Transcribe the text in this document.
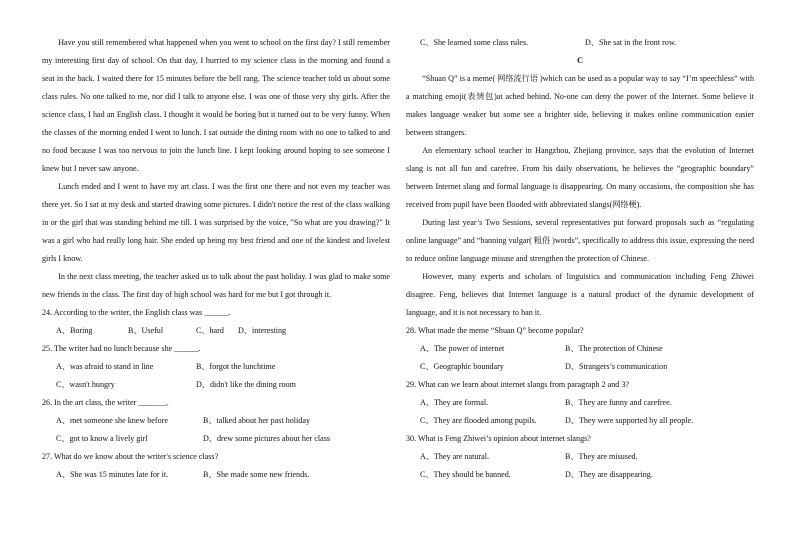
Have you still remembered what happened when you went to school on the first day? I still remember my interesting first day of school. On that day, I hurried to my science class in the morning and found a seat in the back. I waited there for 15 minutes before the bell rang. The science teacher told us about some class rules. No one talked to me, nor did I talk to anyone else. I was one of those very shy girls. After the science class, I had an English class. I thought it would be boring but it turned out to be very funny. When the classes of the morning ended I went to lunch. I sat outside the dining room with no one to talked to and no food because I was too nervous to join the lunch line. I kept looking around hoping to see someone I knew but I never saw anyone.

Lunch ended and I went to have my art class. I was the first one there and not even my teacher was there yet. So I sat at my desk and started drawing some pictures. I didn't notice the rest of the class walking in or the girl that was standing behind me till. I was surprised by the voice, "So what are you drawing?" It was a girl who had really long hair. She ended up being my best friend and one of the kindest and livelest girls I know.

In the next class meeting, the teacher asked us to talk about the past holiday. I was glad to make some new friends in the class. The first day of high school was hard for me but I got through it.

24. According to the writer, the English class was ______.
A、Boring	B、Useful	C、hard	D、interesting
25. The writer had no lunch because she ______.
A、was afraid to stand in line	B、forgot the lunchtime
C、wasn't hungry	D、didn't like the dining room
26. In the art class, the writer _______.
A、met someone she knew before	B、talked about her past holiday
C、got to know a lively girl	D、drew some pictures about her class
27. What do we know about the writer's science class?
A、She was 15 minutes late for it.	B、She made some new friends.
C、She learned some class rules.	D、She sat in the front row.
C

“Shuan Q” is a meme( 网络流行语 )which can be used as a popular way to say “I’m speechless” with a matching emoji(表情包)at ached behind. No-one can deny the power of the Internet. Some believe it makes language weaker but some see a brighter side, believing it makes online communication easier between strangers.

An elementary school teacher in Hangzhou, Zhejiang province, says that the evolution of Internet slang is not all fun and carefree. From his daily observations, he believes the “geographic boundary” between Internet slang and formal language is disappearing. On many occasions, the composition she has received from pupil have been flooded with abbreviated slangs(网络梗).

During last year’s Two Sessions, several representatives put forward proposals such as “regulating online language” and “banning vulgar( 粗俗 )words”, specifically to address this issue, expressing the need to reduce online language misuse and strengthen the protection of Chinese.

However, many experts and scholars of linguistics and communication including Feng Zhiwei disagree. Feng, believes that Internet language is a natural product of the dynamic development of language, and it is not necessary to ban it.

28. What made the meme “Shuan Q” become popular?
A、The power of internet	B、The protection of Chinese
C、Geographic boundary	D、Strangers’s communication
29. What can we learn about internet slangs from paragraph 2 and 3?
A、They are formal.	B、They are funny and carefree.
C、They are flooded among pupils.	D、They were supported by all people.
30. What is Feng Zhiwei’s opinion about internet slangs?
A、They are natural.	B、They are misused.
C、They should be banned.	D、They are disappearing.
